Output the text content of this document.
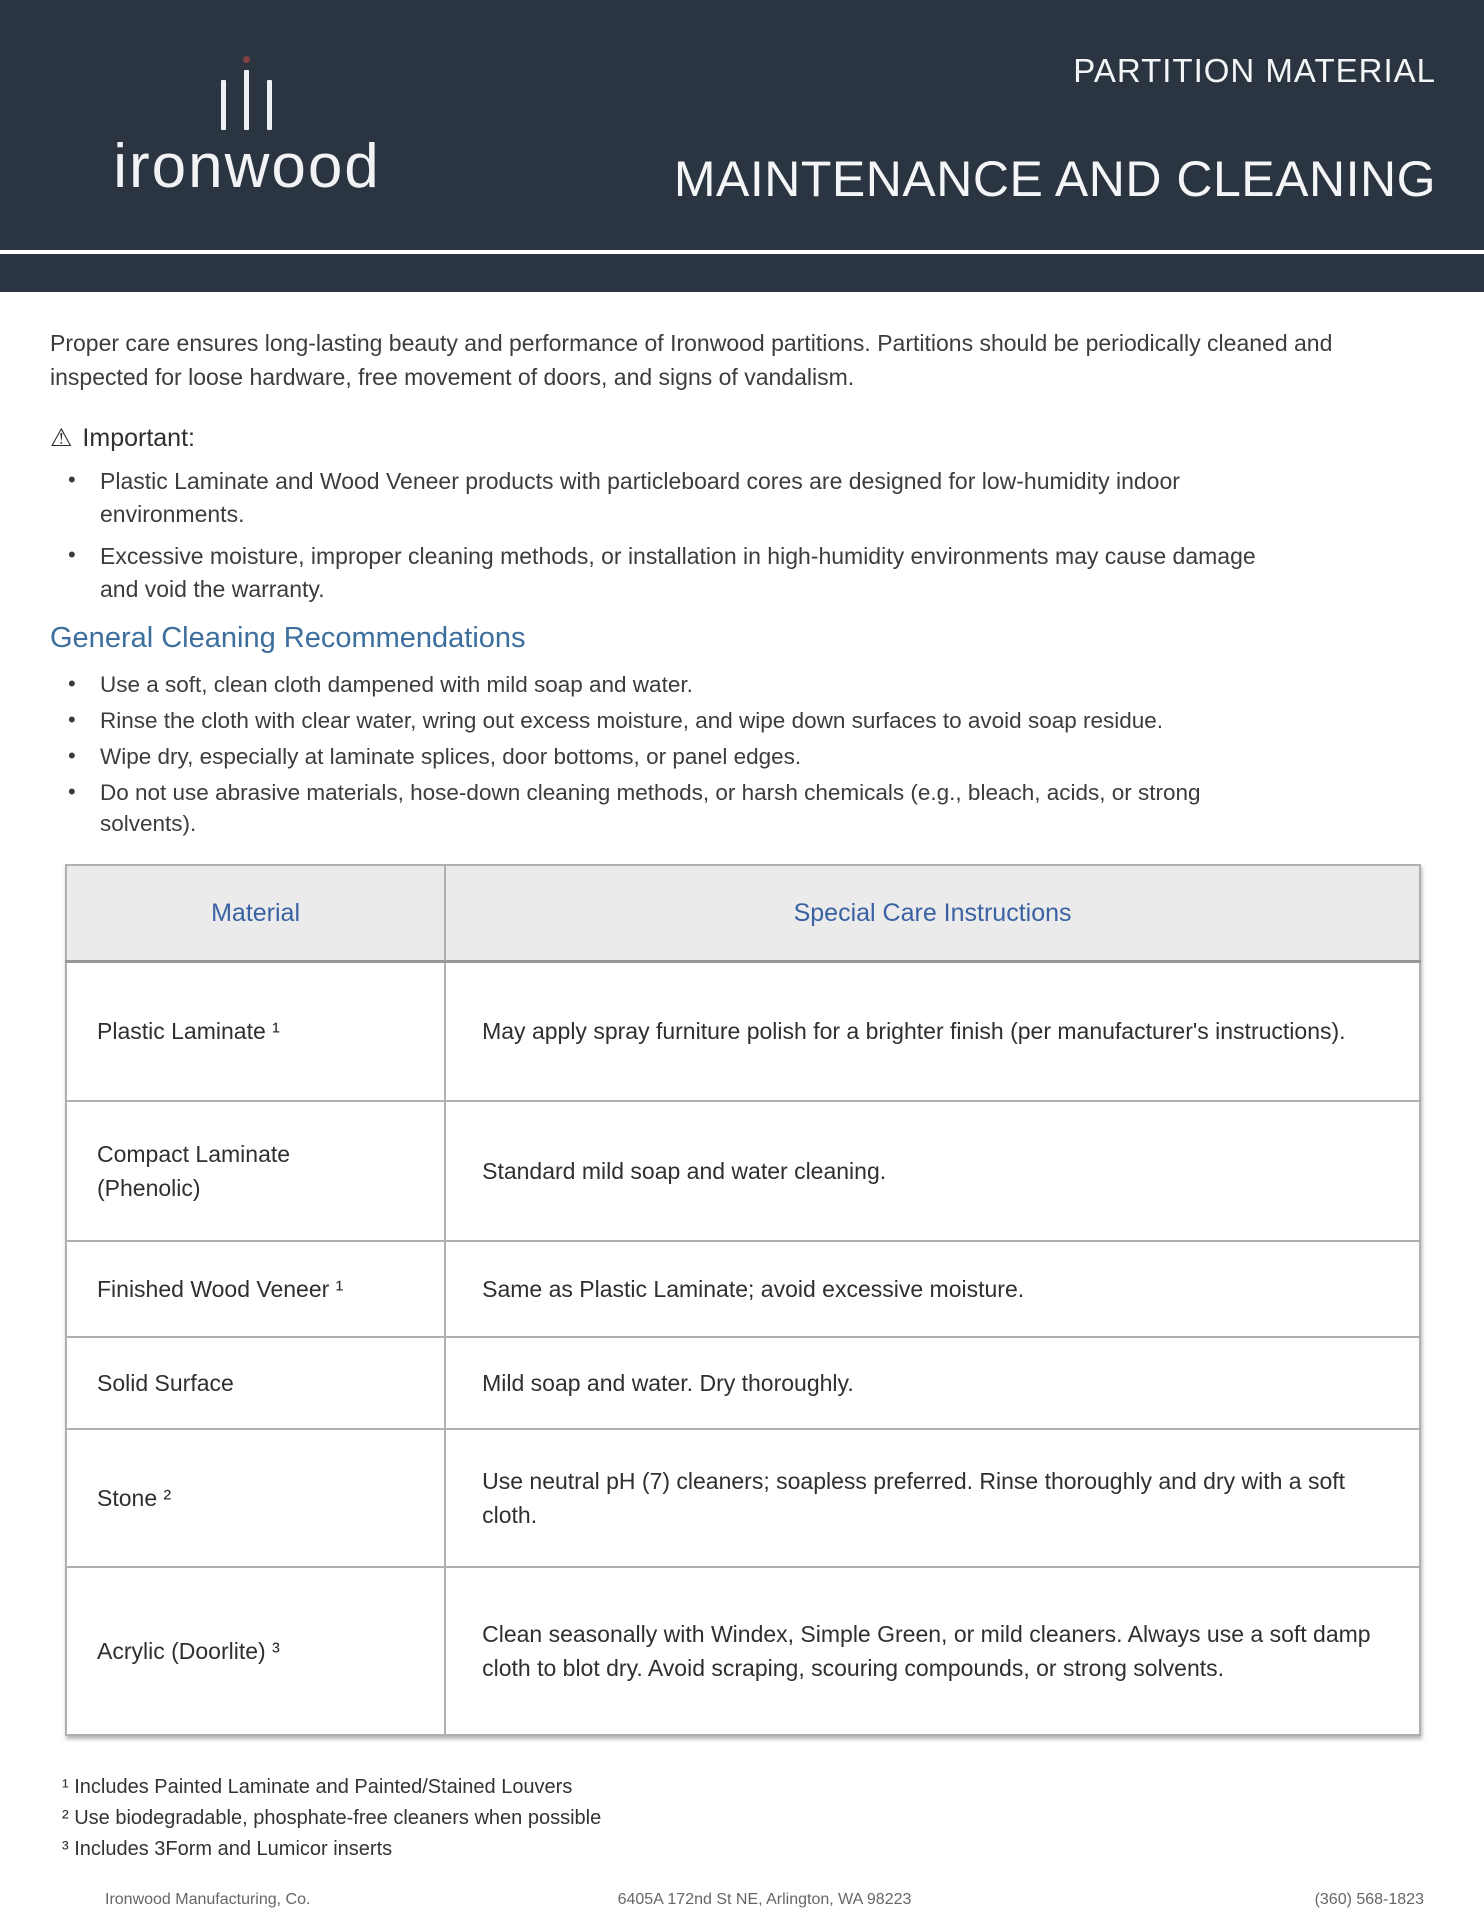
ironwood
PARTITION MATERIAL
MAINTENANCE AND CLEANING

Proper care ensures long-lasting beauty and performance of Ironwood partitions. Partitions should be periodically cleaned and inspected for loose hardware, free movement of doors, and signs of vandalism.

⚠ Important:
• Plastic Laminate and Wood Veneer products with particleboard cores are designed for low-humidity indoor environments.
• Excessive moisture, improper cleaning methods, or installation in high-humidity environments may cause damage and void the warranty.
General Cleaning Recommendations
• Use a soft, clean cloth dampened with mild soap and water.
• Rinse the cloth with clear water, wring out excess moisture, and wipe down surfaces to avoid soap residue.
• Wipe dry, especially at laminate splices, door bottoms, or panel edges.
• Do not use abrasive materials, hose-down cleaning methods, or harsh chemicals (e.g., bleach, acids, or strong solvents).
Material	Special Care Instructions
Plastic Laminate ¹	May apply spray furniture polish for a brighter finish (per manufacturer's instructions).
Compact Laminate (Phenolic)	Standard mild soap and water cleaning.
Finished Wood Veneer ¹	Same as Plastic Laminate; avoid excessive moisture.
Solid Surface	Mild soap and water. Dry thoroughly.
Stone ²	Use neutral pH (7) cleaners; soapless preferred. Rinse thoroughly and dry with a soft cloth.
Acrylic (Doorlite) ³	Clean seasonally with Windex, Simple Green, or mild cleaners. Always use a soft damp cloth to blot dry. Avoid scraping, scouring compounds, or strong solvents.

¹ Includes Painted Laminate and Painted/Stained Louvers

² Use biodegradable, phosphate-free cleaners when possible

³ Includes 3Form and Lumicor inserts

Ironwood Manufacturing, Co.	6405A 172nd St NE, Arlington, WA 98223	(360) 568-1823
